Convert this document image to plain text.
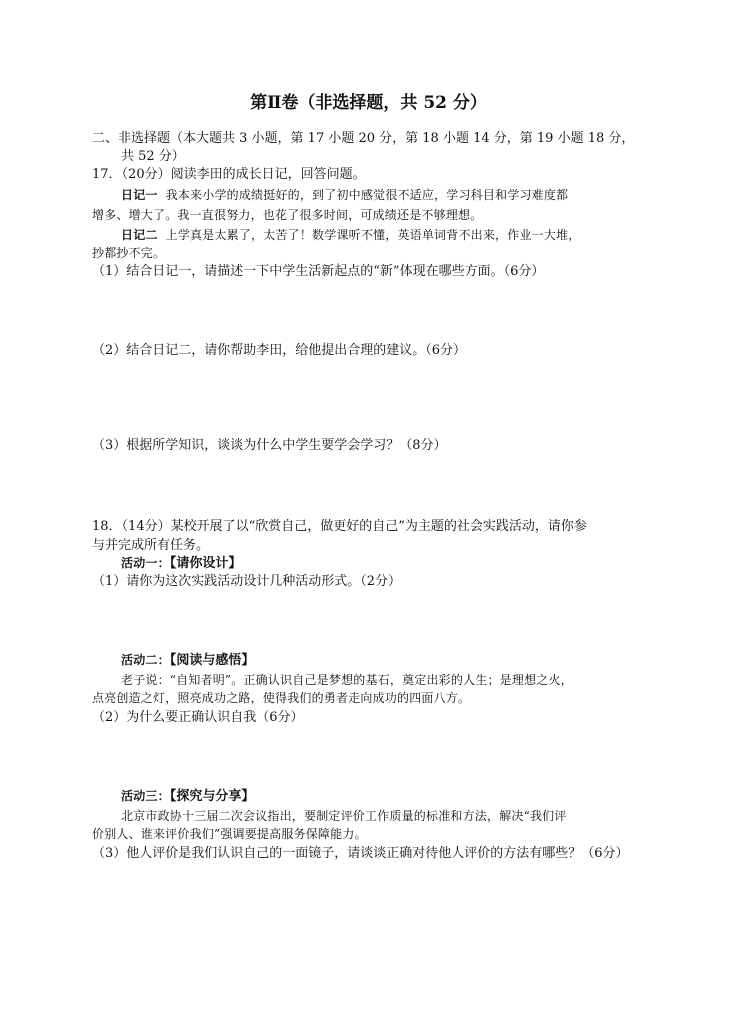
第Ⅱ卷（非选择题，共 52 分）
二、非选择题（本大题共 3 小题，第 17 小题 20 分，第 18 小题 14 分，第 19 小题 18 分，
共 52 分）
17．（20分）阅读李田的成长日记，回答问题。
日记一 我本来小学的成绩挺好的，到了初中感觉很不适应，学习科目和学习难度都
增多、增大了。我一直很努力，也花了很多时间，可成绩还是不够理想。
日记二 上学真是太累了，太苦了！数学课听不懂，英语单词背不出来，作业一大堆，
抄都抄不完。
（1）结合日记一，请描述一下中学生活新起点的“新”体现在哪些方面。（6分）
（2）结合日记二，请你帮助李田，给他提出合理的建议。（6分）
（3）根据所学知识，谈谈为什么中学生要学会学习？（8分）
18．（14分）某校开展了以“欣赏自己，做更好的自己”为主题的社会实践活动，请你参
与并完成所有任务。
活动一：【请你设计】
（1）请你为这次实践活动设计几种活动形式。（2分）
活动二：【阅读与感悟】
老子说：“自知者明”。正确认识自己是梦想的基石，奠定出彩的人生；是理想之火，
点亮创造之灯，照亮成功之路，使得我们的勇者走向成功的四面八方。
（2）为什么要正确认识自我（6分）
活动三：【探究与分享】
北京市政协十三届二次会议指出，要制定评价工作质量的标准和方法，解决“我们评
价别人、谁来评价我们”强调要提高服务保障能力。
（3）他人评价是我们认识自己的一面镜子，请谈谈正确对待他人评价的方法有哪些？（6分）
